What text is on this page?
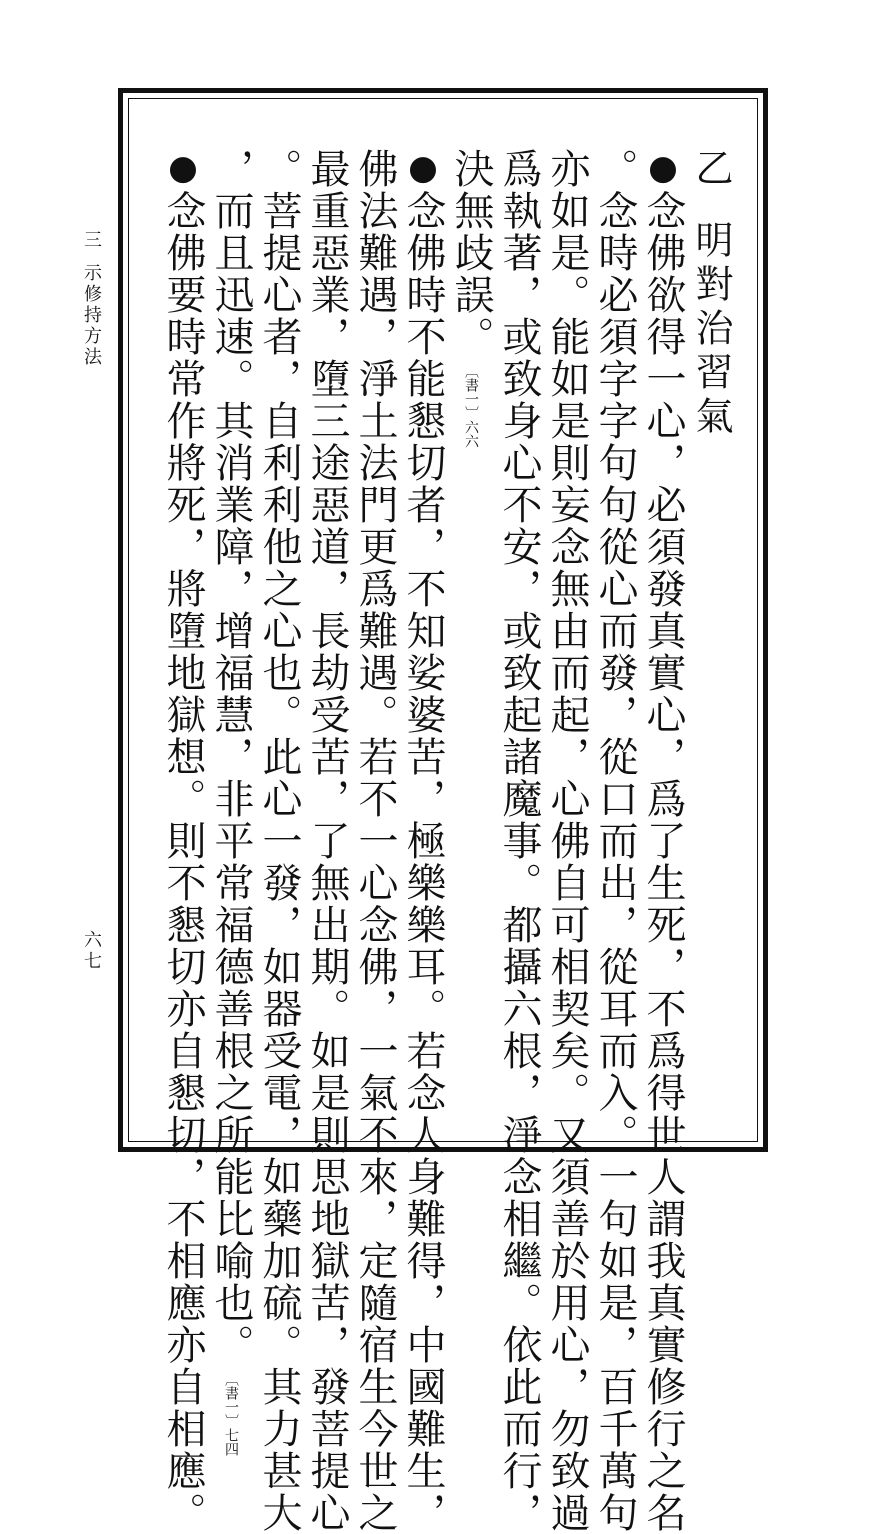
三示修持方法
六七
乙明對治習氣
●念佛欲得一心，必須發真實心，爲了生死，不爲得世人謂我真實修行之名
。念時必須字字句句從心而發，從口而出，從耳而入。一句如是，百千萬句
亦如是。能如是則妄念無由而起，心佛自可相契矣。又須善於用心，勿致過
爲執著，或致身心不安，或致起諸魔事。都攝六根，淨念相繼。依此而行，
決無歧誤。〔書一〕六六
●念佛時不能懇切者，不知娑婆苦，極樂樂耳。若念人身難得，中國難生，
佛法難遇，淨土法門更爲難遇。若不一心念佛，一氣不來，定隨宿生今世之
最重惡業，墮三途惡道，長劫受苦，了無出期。如是則思地獄苦，發菩提心
。菩提心者，自利利他之心也。此心一發，如器受電，如藥加硫。其力甚大
，而且迅速。其消業障，增福慧，非平常福德善根之所能比喻也。〔書一〕七四
●念佛要時常作將死，將墮地獄想。則不懇切亦自懇切，不相應亦自相應。
